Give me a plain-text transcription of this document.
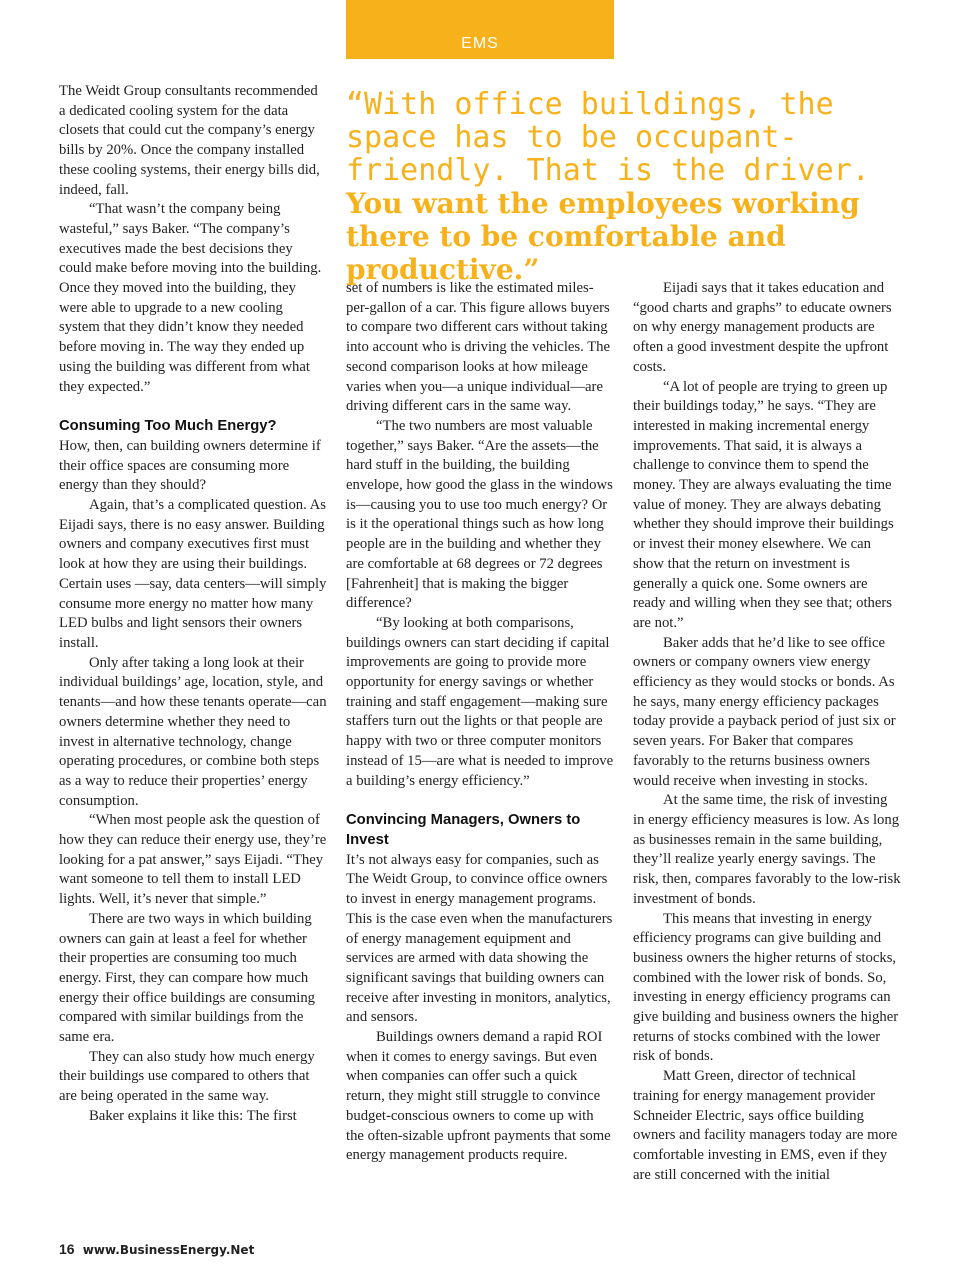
EMS
“With office buildings, the space has to be occupant-friendly. That is the driver. You want the employees working there to be comfortable and productive.”

The Weidt Group consultants recommended a dedicated cooling system for the data closets that could cut the company’s energy bills by 20%. Once the company installed these cooling systems, their energy bills did, indeed, fall.

“That wasn’t the company being wasteful,” says Baker. “The company’s executives made the best decisions they could make before moving into the building. Once they moved into the building, they were able to upgrade to a new cooling system that they didn’t know they needed before moving in. The way they ended up using the building was different from what they expected.”

Consuming Too Much Energy?

How, then, can building owners determine if their office spaces are consuming more energy than they should?

Again, that’s a complicated question. As Eijadi says, there is no easy answer. Building owners and company executives first must look at how they are using their buildings. Certain uses —say, data centers—will simply consume more energy no matter how many LED bulbs and light sensors their owners install.

Only after taking a long look at their individual buildings’ age, location, style, and tenants—and how these tenants operate—can owners determine whether they need to invest in alternative technology, change operating procedures, or combine both steps as a way to reduce their properties’ energy consumption.

“When most people ask the question of how they can reduce their energy use, they’re looking for a pat answer,” says Eijadi. “They want someone to tell them to install LED lights. Well, it’s never that simple.”

There are two ways in which building owners can gain at least a feel for whether their properties are consuming too much energy. First, they can compare how much energy their office buildings are consuming compared with similar buildings from the same era.

They can also study how much energy their buildings use compared to others that are being operated in the same way.

Baker explains it like this: The first

set of numbers is like the estimated miles-per-gallon of a car. This figure allows buyers to compare two different cars without taking into account who is driving the vehicles. The second comparison looks at how mileage varies when you—a unique individual—are driving different cars in the same way.

“The two numbers are most valuable together,” says Baker. “Are the assets—the hard stuff in the building, the building envelope, how good the glass in the windows is—causing you to use too much energy? Or is it the operational things such as how long people are in the building and whether they are comfortable at 68 degrees or 72 degrees [Fahrenheit] that is making the bigger difference?

“By looking at both comparisons, buildings owners can start deciding if capital improvements are going to provide more opportunity for energy savings or whether training and staff engagement—making sure staffers turn out the lights or that people are happy with two or three computer monitors instead of 15—are what is needed to improve a building’s energy efficiency.”

Convincing Managers, Owners to Invest

It’s not always easy for companies, such as The Weidt Group, to convince office owners to invest in energy management programs. This is the case even when the manufacturers of energy management equipment and services are armed with data showing the significant savings that building owners can receive after investing in monitors, analytics, and sensors.

Buildings owners demand a rapid ROI when it comes to energy savings. But even when companies can offer such a quick return, they might still struggle to convince budget-conscious owners to come up with the often-sizable upfront payments that some energy management products require.

Eijadi says that it takes education and “good charts and graphs” to educate owners on why energy management products are often a good investment despite the upfront costs.

“A lot of people are trying to green up their buildings today,” he says. “They are interested in making incremental energy improvements. That said, it is always a challenge to convince them to spend the money. They are always evaluating the time value of money. They are always debating whether they should improve their buildings or invest their money elsewhere. We can show that the return on investment is generally a quick one. Some owners are ready and willing when they see that; others are not.”

Baker adds that he’d like to see office owners or company owners view energy efficiency as they would stocks or bonds. As he says, many energy efficiency packages today provide a payback period of just six or seven years. For Baker that compares favorably to the returns business owners would receive when investing in stocks.

At the same time, the risk of investing in energy efficiency measures is low. As long as businesses remain in the same building, they’ll realize yearly energy savings. The risk, then, compares favorably to the low-risk investment of bonds.

This means that investing in energy efficiency programs can give building and business owners the higher returns of stocks, combined with the lower risk of bonds. So, investing in energy efficiency programs can give building and business owners the higher returns of stocks combined with the lower risk of bonds.

Matt Green, director of technical training for energy management provider Schneider Electric, says office building owners and facility managers today are more comfortable investing in EMS, even if they are still concerned with the initial

16 www.BusinessEnergy.Net
